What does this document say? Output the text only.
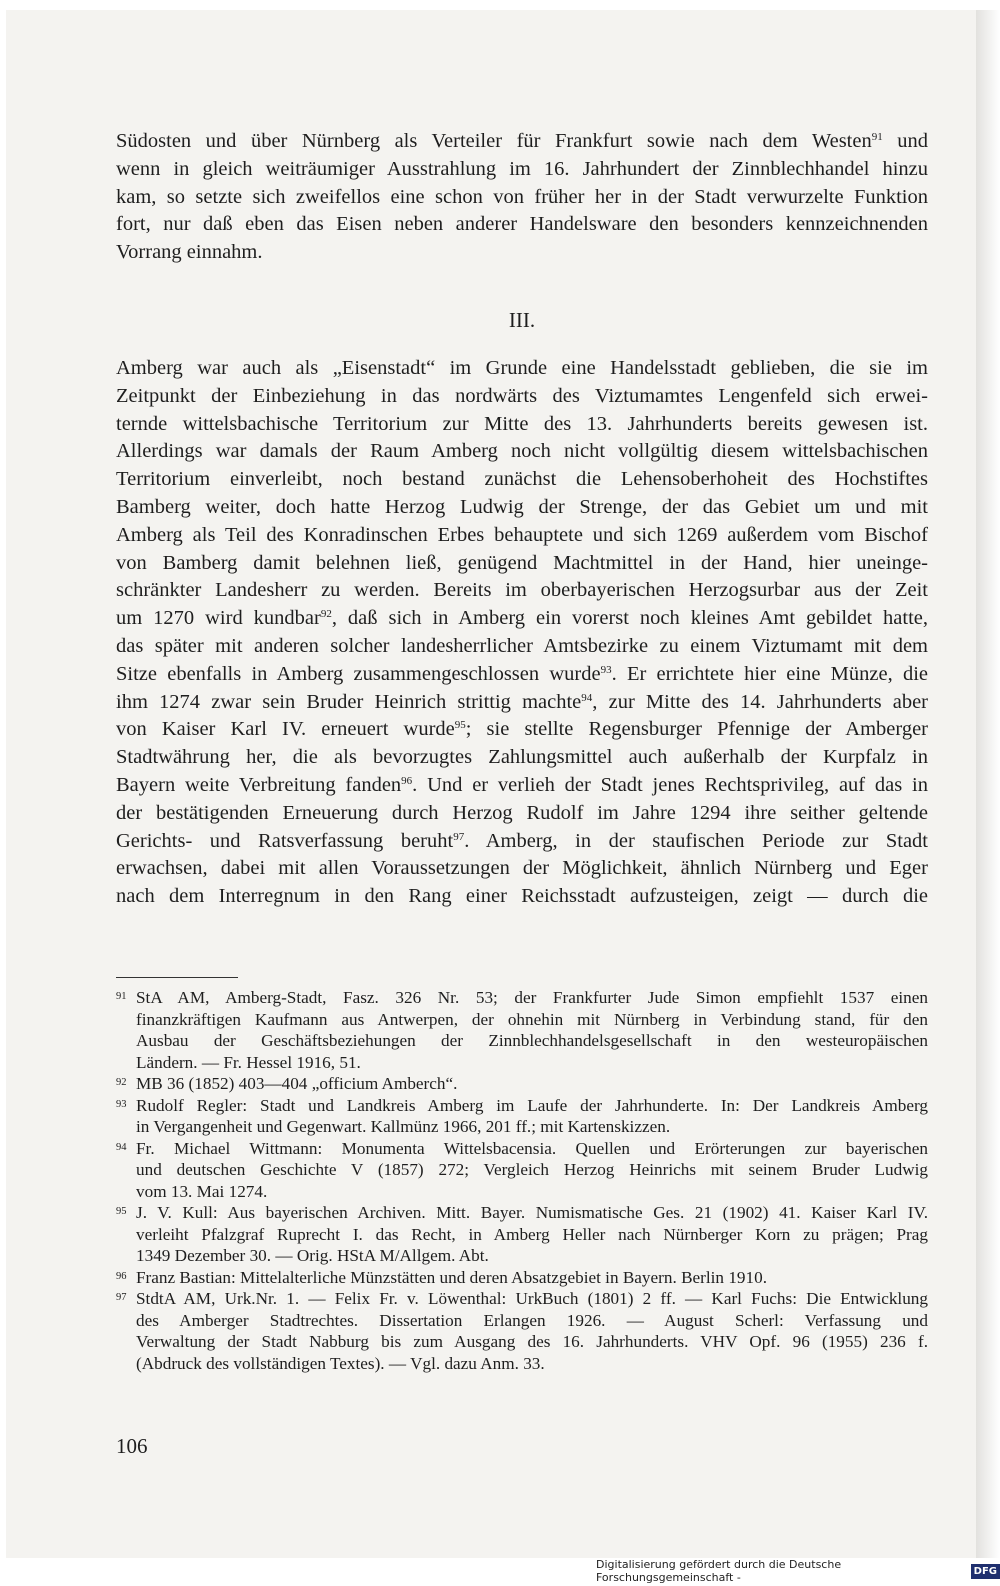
Südosten und über Nürnberg als Verteiler für Frankfurt sowie nach dem Westen$^{91}$ und
wenn in gleich weiträumiger Ausstrahlung im 16. Jahrhundert der Zinnblechhandel hinzu
kam, so setzte sich zweifellos eine schon von früher her in der Stadt verwurzelte Funktion
fort, nur daß eben das Eisen neben anderer Handelsware den besonders kennzeichnenden
Vorrang einnahm.
III.
Amberg war auch als „Eisenstadt“ im Grunde eine Handelsstadt geblieben, die sie im
Zeitpunkt der Einbeziehung in das nordwärts des Viztumamtes Lengenfeld sich erwei-
ternde wittelsbachische Territorium zur Mitte des 13. Jahrhunderts bereits gewesen ist.
Allerdings war damals der Raum Amberg noch nicht vollgültig diesem wittelsbachischen
Territorium einverleibt, noch bestand zunächst die Lehensoberhoheit des Hochstiftes
Bamberg weiter, doch hatte Herzog Ludwig der Strenge, der das Gebiet um und mit
Amberg als Teil des Konradinschen Erbes behauptete und sich 1269 außerdem vom Bischof
von Bamberg damit belehnen ließ, genügend Machtmittel in der Hand, hier uneinge-
schränkter Landesherr zu werden. Bereits im oberbayerischen Herzogsurbar aus der Zeit
um 1270 wird kundbar$^{92}$, daß sich in Amberg ein vorerst noch kleines Amt gebildet hatte,
das später mit anderen solcher landesherrlicher Amtsbezirke zu einem Viztumamt mit dem
Sitze ebenfalls in Amberg zusammengeschlossen wurde$^{93}$. Er errichtete hier eine Münze, die
ihm 1274 zwar sein Bruder Heinrich strittig machte$^{94}$, zur Mitte des 14. Jahrhunderts aber
von Kaiser Karl IV. erneuert wurde$^{95}$; sie stellte Regensburger Pfennige der Amberger
Stadtwährung her, die als bevorzugtes Zahlungsmittel auch außerhalb der Kurpfalz in
Bayern weite Verbreitung fanden$^{96}$. Und er verlieh der Stadt jenes Rechtsprivileg, auf das in
der bestätigenden Erneuerung durch Herzog Rudolf im Jahre 1294 ihre seither geltende
Gerichts- und Ratsverfassung beruht$^{97}$. Amberg, in der staufischen Periode zur Stadt
erwachsen, dabei mit allen Voraussetzungen der Möglichkeit, ähnlich Nürnberg und Eger
nach dem Interregnum in den Rang einer Reichsstadt aufzusteigen, zeigt — durch die
91 StA AM, Amberg-Stadt, Fasz. 326 Nr. 53; der Frankfurter Jude Simon empfiehlt 1537 einen
finanzkräftigen Kaufmann aus Antwerpen, der ohnehin mit Nürnberg in Verbindung stand, für den
Ausbau der Geschäftsbeziehungen der Zinnblechhandelsgesellschaft in den westeuropäischen
Ländern. — Fr. Hessel 1916, 51.
92 MB 36 (1852) 403—404 „officium Amberch“.
93 Rudolf Regler: Stadt und Landkreis Amberg im Laufe der Jahrhunderte. In: Der Landkreis Amberg
in Vergangenheit und Gegenwart. Kallmünz 1966, 201 ff.; mit Kartenskizzen.
94 Fr. Michael Wittmann: Monumenta Wittelsbacensia. Quellen und Erörterungen zur bayerischen
und deutschen Geschichte V (1857) 272; Vergleich Herzog Heinrichs mit seinem Bruder Ludwig
vom 13. Mai 1274.
95 J. V. Kull: Aus bayerischen Archiven. Mitt. Bayer. Numismatische Ges. 21 (1902) 41. Kaiser Karl IV.
verleiht Pfalzgraf Ruprecht I. das Recht, in Amberg Heller nach Nürnberger Korn zu prägen; Prag
1349 Dezember 30. — Orig. HStA M/Allgem. Abt.
96 Franz Bastian: Mittelalterliche Münzstätten und deren Absatzgebiet in Bayern. Berlin 1910.
97 StdtA AM, Urk.Nr. 1. — Felix Fr. v. Löwenthal: UrkBuch (1801) 2 ff. — Karl Fuchs: Die Entwicklung
des Amberger Stadtrechtes. Dissertation Erlangen 1926. — August Scherl: Verfassung und
Verwaltung der Stadt Nabburg bis zum Ausgang des 16. Jahrhunderts. VHV Opf. 96 (1955) 236 f.
(Abdruck des vollständigen Textes). — Vgl. dazu Anm. 33.
106
Digitalisierung gefördert durch die Deutsche Forschungsgemeinschaft -	DFG
